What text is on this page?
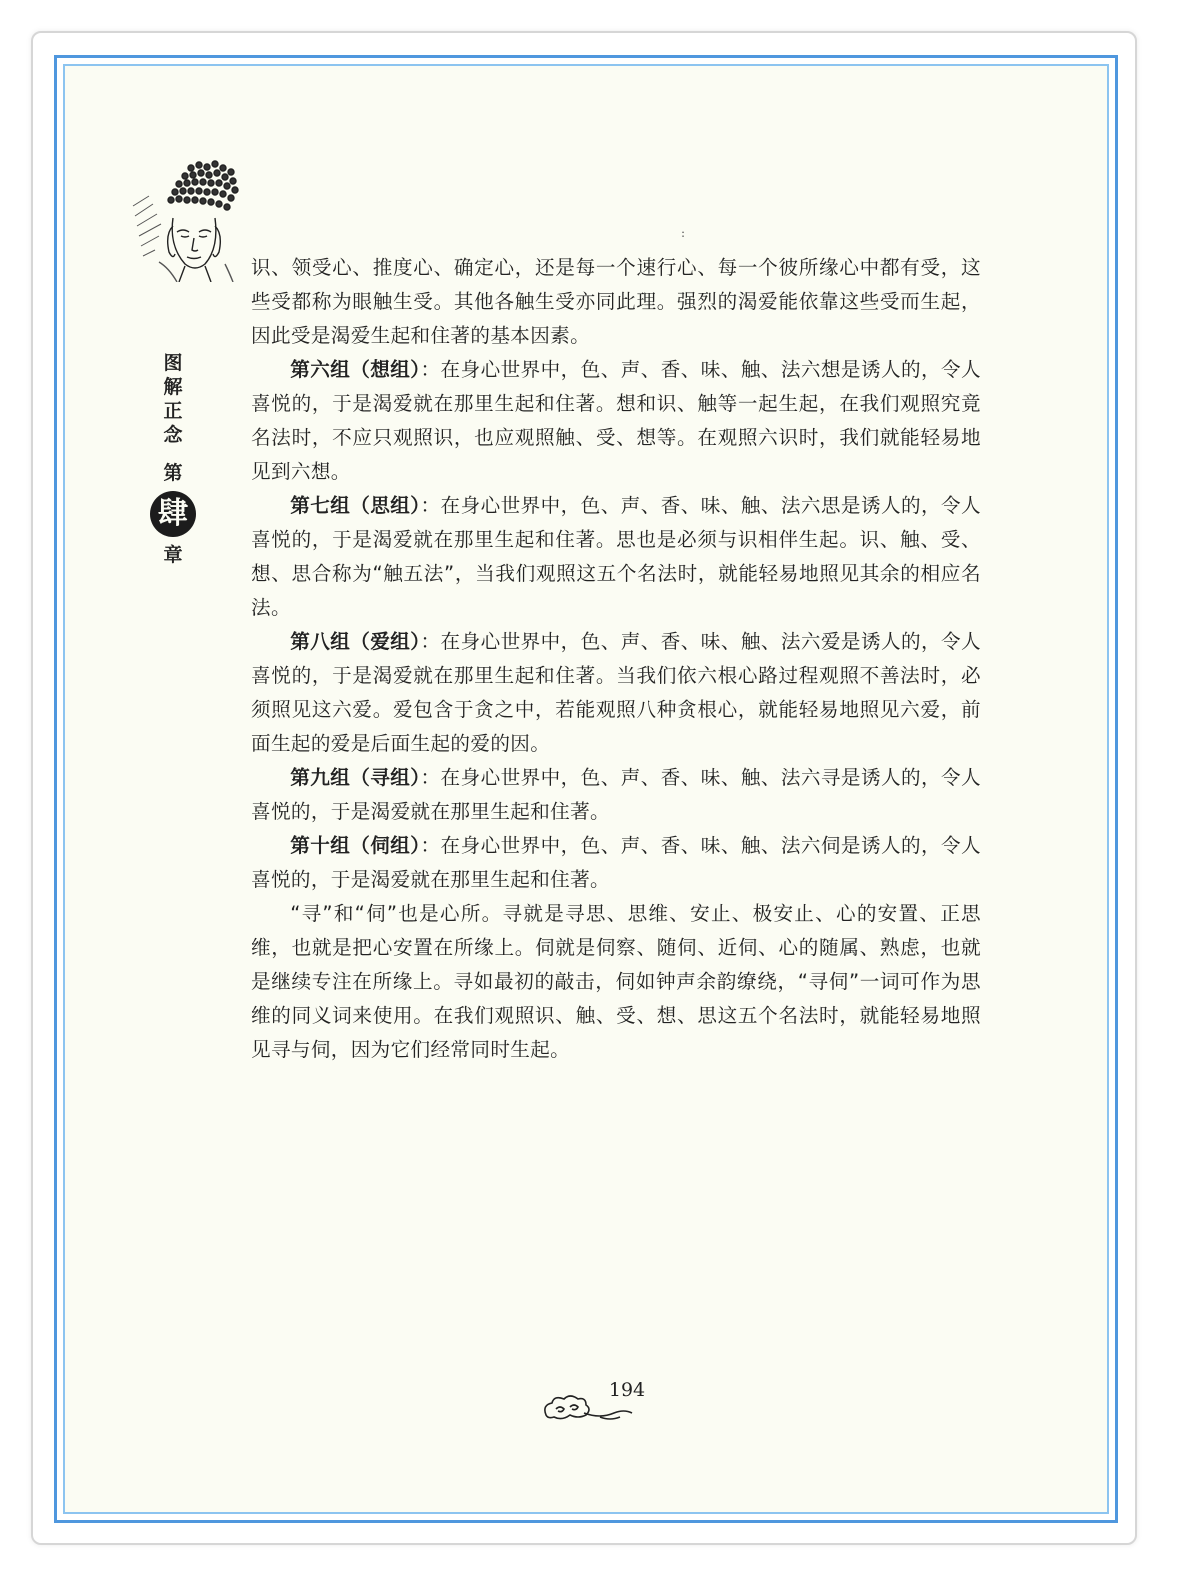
图
解
正
念
第
肆
章
:

识、领受心、推度心、确定心，还是每一个速行心、每一个彼所缘心中都有受，这些受都称为眼触生受。其他各触生受亦同此理。强烈的渴爱能依靠这些受而生起，因此受是渴爱生起和住著的基本因素。

第六组（想组）：在身心世界中，色、声、香、味、触、法六想是诱人的，令人喜悦的，于是渴爱就在那里生起和住著。想和识、触等一起生起，在我们观照究竟名法时，不应只观照识，也应观照触、受、想等。在观照六识时，我们就能轻易地见到六想。

第七组（思组）：在身心世界中，色、声、香、味、触、法六思是诱人的，令人喜悦的，于是渴爱就在那里生起和住著。思也是必须与识相伴生起。识、触、受、想、思合称为“触五法”，当我们观照这五个名法时，就能轻易地照见其余的相应名法。

第八组（爱组）：在身心世界中，色、声、香、味、触、法六爱是诱人的，令人喜悦的，于是渴爱就在那里生起和住著。当我们依六根心路过程观照不善法时，必须照见这六爱。爱包含于贪之中，若能观照八种贪根心，就能轻易地照见六爱，前面生起的爱是后面生起的爱的因。

第九组（寻组）：在身心世界中，色、声、香、味、触、法六寻是诱人的，令人喜悦的，于是渴爱就在那里生起和住著。

第十组（伺组）：在身心世界中，色、声、香、味、触、法六伺是诱人的，令人喜悦的，于是渴爱就在那里生起和住著。

“寻”和“伺”也是心所。寻就是寻思、思维、安止、极安止、心的安置、正思维，也就是把心安置在所缘上。伺就是伺察、随伺、近伺、心的随属、熟虑，也就是继续专注在所缘上。寻如最初的敲击，伺如钟声余韵缭绕，“寻伺”一词可作为思维的同义词来使用。在我们观照识、触、受、想、思这五个名法时，就能轻易地照见寻与伺，因为它们经常同时生起。

194
